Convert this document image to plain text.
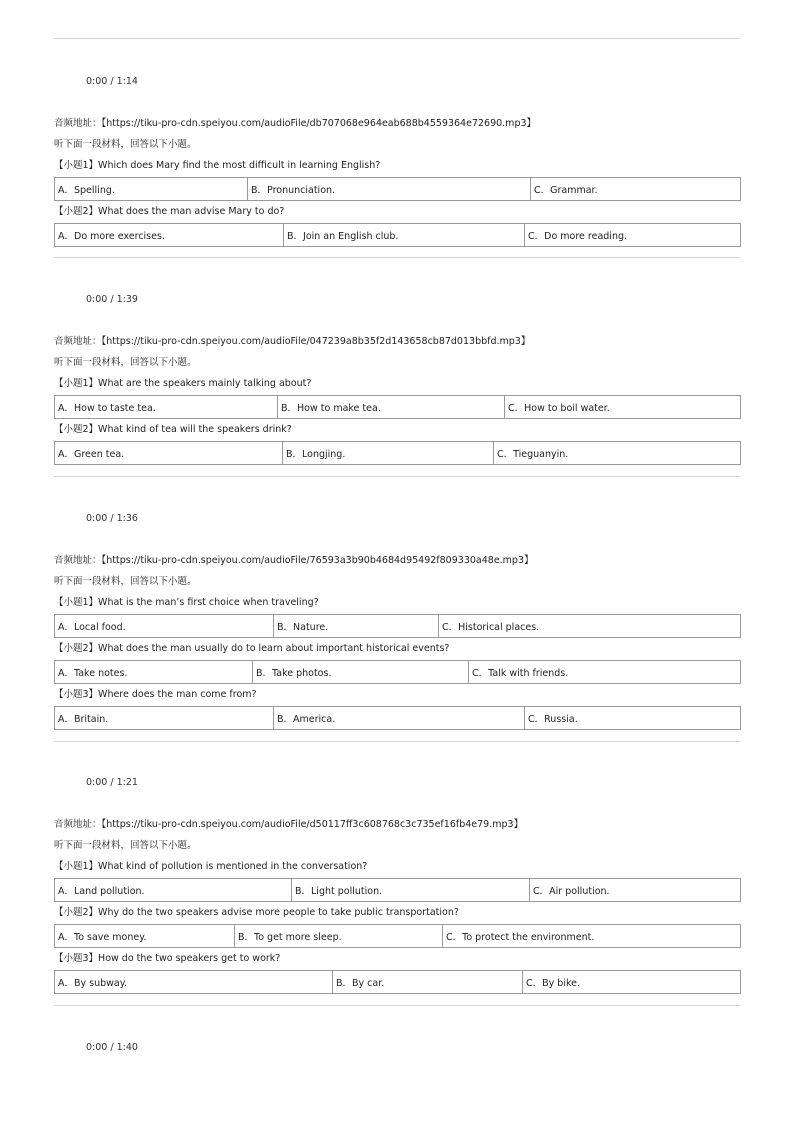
0:00 / 1:14
音频地址：【https://tiku-pro-cdn.speiyou.com/audioFile/db707068e964eab688b4559364e72690.mp3】
听下面一段材料，回答以下小题。
【小题1】Which does Mary find the most difficult in learning English?
A．Spelling.	B．Pronunciation.	C．Grammar.
【小题2】What does the man advise Mary to do?
A．Do more exercises.	B．Join an English club.	C．Do more reading.
0:00 / 1:39
音频地址：【https://tiku-pro-cdn.speiyou.com/audioFile/047239a8b35f2d143658cb87d013bbfd.mp3】
听下面一段材料，回答以下小题。
【小题1】What are the speakers mainly talking about?
A．How to taste tea.	B．How to make tea.	C．How to boil water.
【小题2】What kind of tea will the speakers drink?
A．Green tea.	B．Longjing.	C．Tieguanyin.
0:00 / 1:36
音频地址：【https://tiku-pro-cdn.speiyou.com/audioFile/76593a3b90b4684d95492f809330a48e.mp3】
听下面一段材料，回答以下小题。
【小题1】What is the man’s first choice when traveling?
A．Local food.	B．Nature.	C．Historical places.
【小题2】What does the man usually do to learn about important historical events?
A．Take notes.	B．Take photos.	C．Talk with friends.
【小题3】Where does the man come from?
A．Britain.	B．America.	C．Russia.
0:00 / 1:21
音频地址：【https://tiku-pro-cdn.speiyou.com/audioFile/d50117ff3c608768c3c735ef16fb4e79.mp3】
听下面一段材料，回答以下小题。
【小题1】What kind of pollution is mentioned in the conversation?
A．Land pollution.	B．Light pollution.	C．Air pollution.
【小题2】Why do the two speakers advise more people to take public transportation?
A．To save money.	B．To get more sleep.	C．To protect the environment.
【小题3】How do the two speakers get to work?
A．By subway.	B．By car.	C．By bike.
0:00 / 1:40
